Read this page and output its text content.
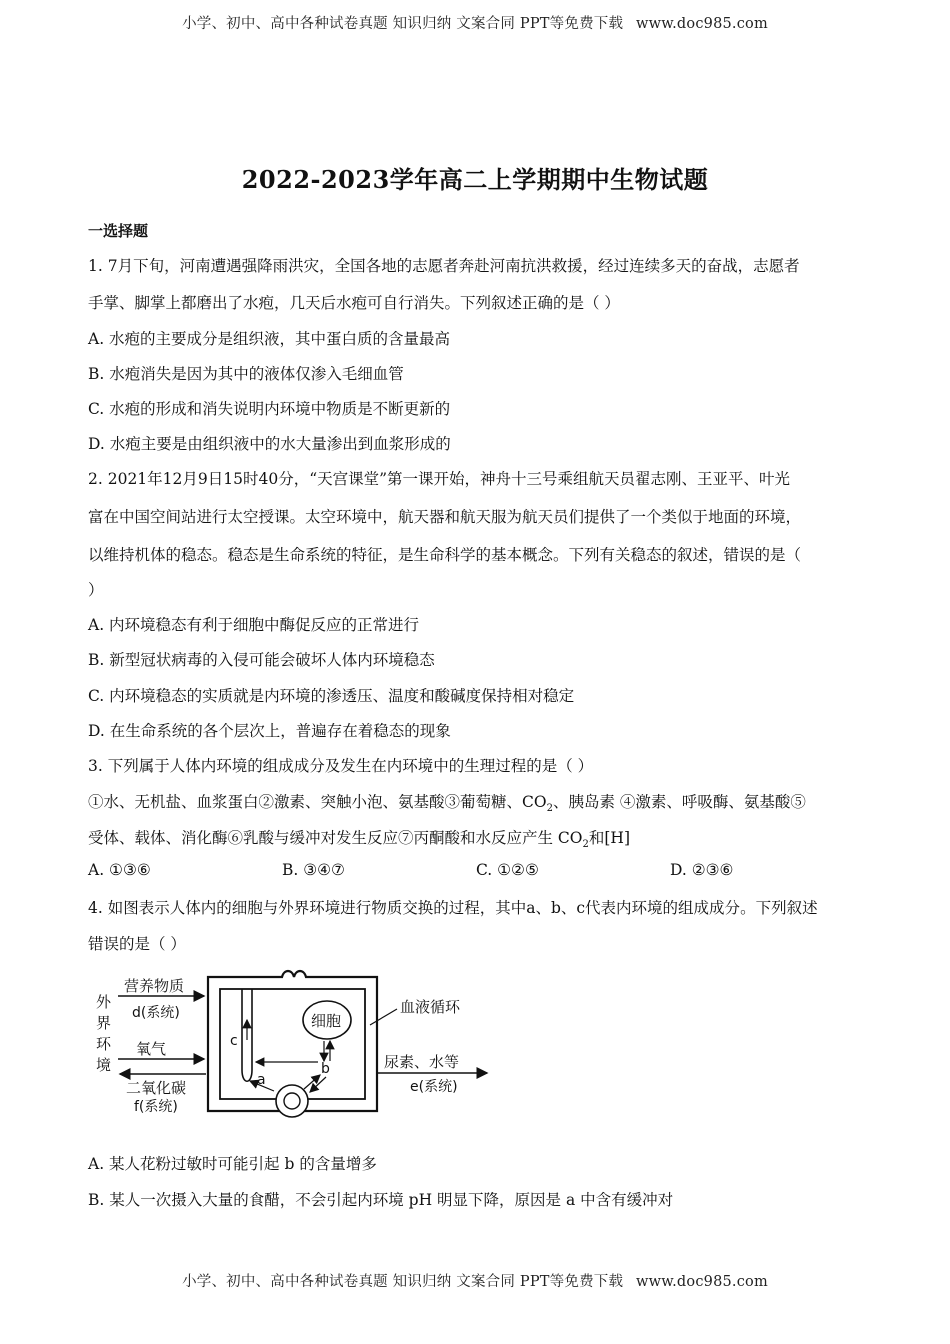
小学、初中、高中各种试卷真题 知识归纳 文案合同 PPT等免费下载 www.doc985.com
2022-2023学年高二上学期期中生物试题
一选择题
1. 7月下旬，河南遭遇强降雨洪灾，全国各地的志愿者奔赴河南抗洪救援，经过连续多天的奋战，志愿者
手掌、脚掌上都磨出了水疱，几天后水疱可自行消失。下列叙述正确的是（ ）
A. 水疱的主要成分是组织液，其中蛋白质的含量最高
B. 水疱消失是因为其中的液体仅渗入毛细血管
C. 水疱的形成和消失说明内环境中物质是不断更新的
D. 水疱主要是由组织液中的水大量渗出到血浆形成的
2. 2021年12月9日15时40分，“天宫课堂”第一课开始，神舟十三号乘组航天员翟志刚、王亚平、叶光
富在中国空间站进行太空授课。太空环境中，航天器和航天服为航天员们提供了一个类似于地面的环境，
以维持机体的稳态。稳态是生命系统的特征，是生命科学的基本概念。下列有关稳态的叙述，错误的是（
）
A. 内环境稳态有利于细胞中酶促反应的正常进行
B. 新型冠状病毒的入侵可能会破坏人体内环境稳态
C. 内环境稳态的实质就是内环境的渗透压、温度和酸碱度保持相对稳定
D. 在生命系统的各个层次上，普遍存在着稳态的现象
3. 下列属于人体内环境的组成成分及发生在内环境中的生理过程的是（ ）
①水、无机盐、血浆蛋白②激素、突触小泡、氨基酸③葡萄糖、$CO_2$、胰岛素 ④激素、呼吸酶、氨基酸⑤
受体、载体、消化酶⑥乳酸与缓冲对发生反应⑦丙酮酸和水反应产生 $CO_2$和[H]
A. ①③⑥	B. ③④⑦	C. ①②⑤	D. ②③⑥
4. 如图表示人体内的细胞与外界环境进行物质交换的过程，其中a、b、c代表内环境的组成成分。下列叙述
错误的是（ ）
A. 某人花粉过敏时可能引起 b 的含量增多
B. 某人一次摄入大量的食醋，不会引起内环境 pH 明显下降，原因是 a 中含有缓冲对
外
界
环
境
营养物质
d(系统)
氧气
二氧化碳
f(系统)
c
细胞
b
a
血液循环
尿素、水等
e(系统)
小学、初中、高中各种试卷真题 知识归纳 文案合同 PPT等免费下载 www.doc985.com
